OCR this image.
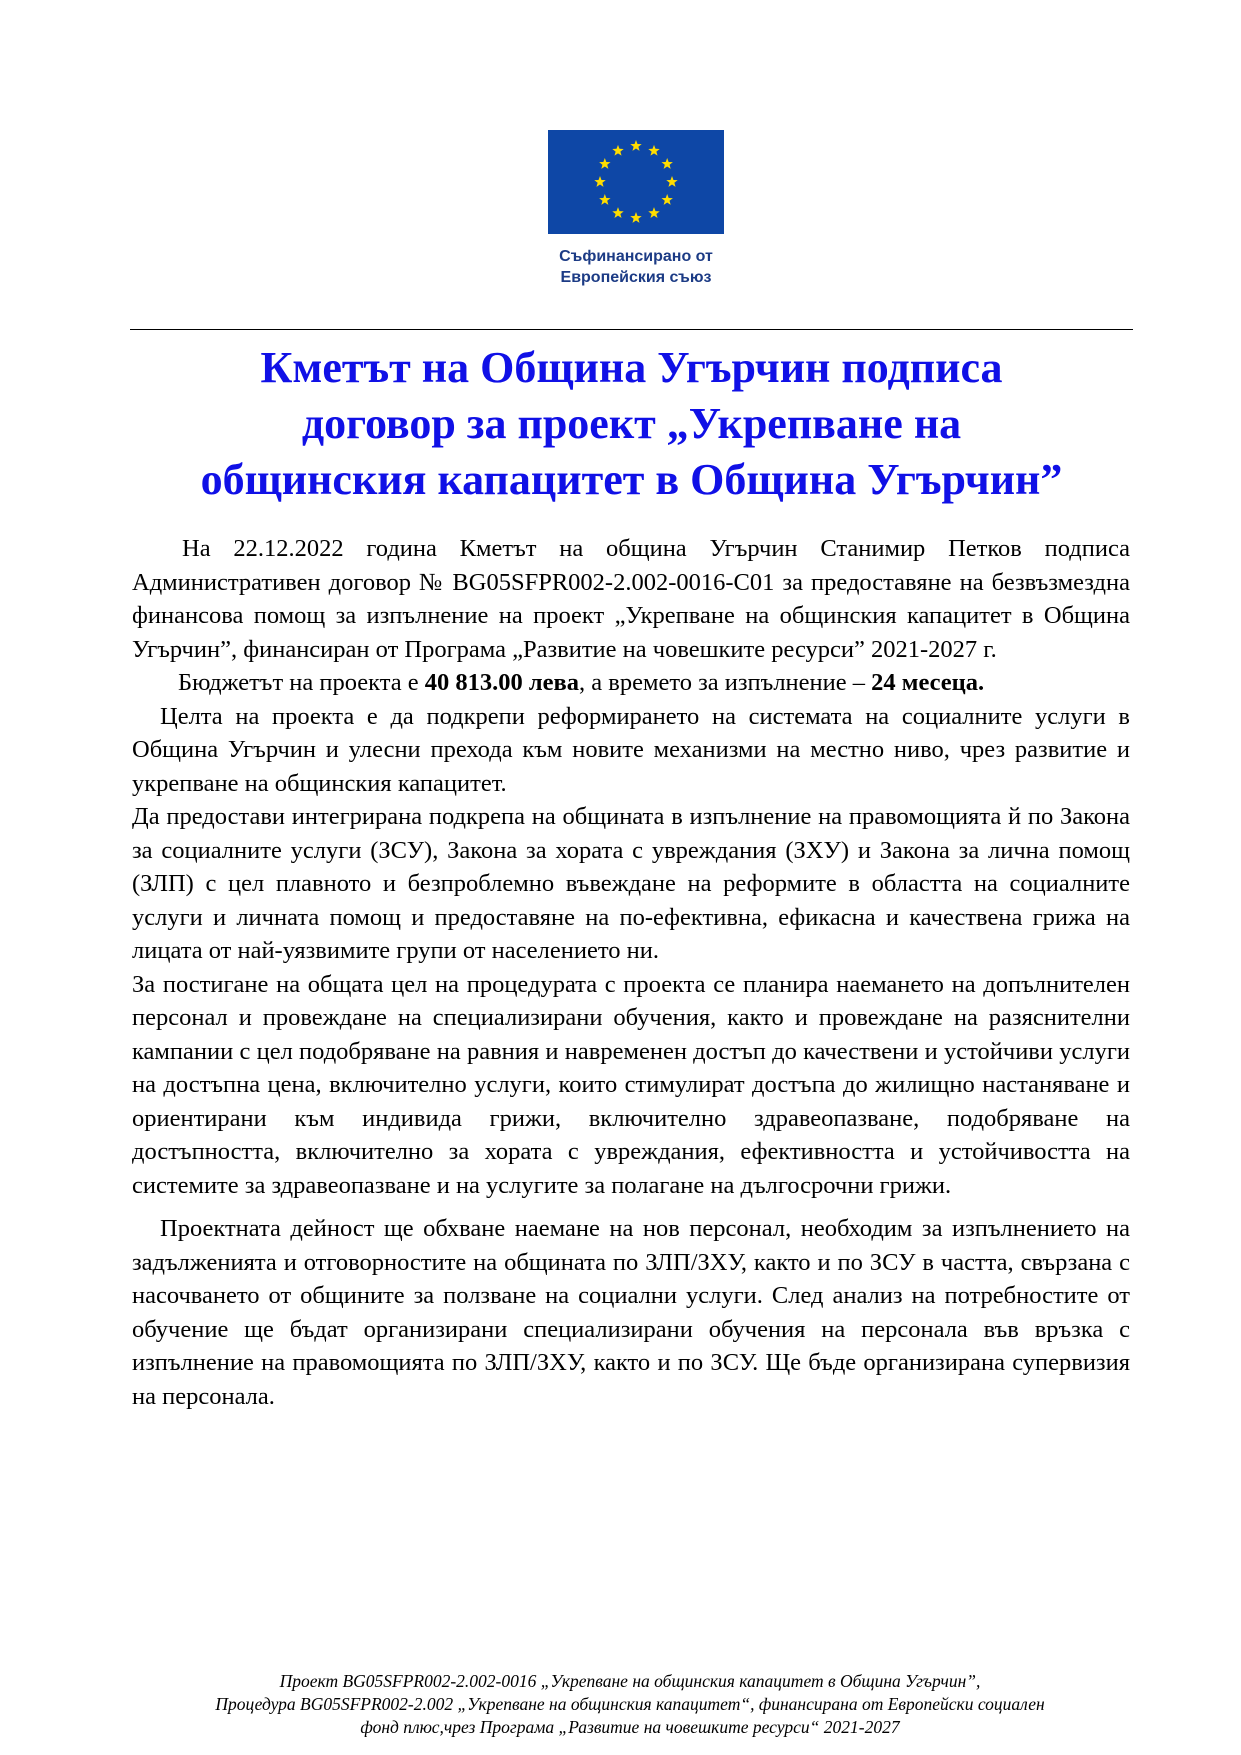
Съфинансирано от
Европейския съюз
Кметът на Община Угърчин подписа
договор за проект „Укрепване на
общинския капацитет в Община Угърчин”

На 22.12.2022 година Кметът на община Угърчин Станимир Петков подписа Административен договор № BG05SFPR002-2.002-0016-C01 за предоставяне на безвъзмездна финансова помощ за изпълнение на проект „Укрепване на общинския капацитет в Община Угърчин”, финансиран от Програма „Развитие на човешките ресурси” 2021-2027 г.

Бюджетът на проекта е 40 813.00 лева, а времето за изпълнение – 24 месеца.

Целта на проекта е да подкрепи реформирането на системата на социалните услуги в Община Угърчин и улесни прехода към новите механизми на местно ниво, чрез развитие и укрепване на общинския капацитет.

Да предостави интегрирана подкрепа на общината в изпълнение на правомощията й по Закона за социалните услуги (ЗСУ), Закона за хората с увреждания (ЗХУ) и Закона за лична помощ (ЗЛП) с цел плавното и безпроблемно въвеждане на реформите в областта на социалните услуги и личната помощ и предоставяне на по-ефективна, ефикасна и качествена грижа на лицата от най-уязвимите групи от населението ни.

За постигане на общата цел на процедурата с проекта се планира наемането на допълнителен персонал и провеждане на специализирани обучения, както и провеждане на разяснителни кампании с цел подобряване на равния и навременен достъп до качествени и устойчиви услуги на достъпна цена, включително услуги, които стимулират достъпа до жилищно настаняване и ориентирани към индивида грижи, включително здравеопазване, подобряване на достъпността, включително за хората с увреждания, ефективността и устойчивостта на системите за здравеопазване и на услугите за полагане на дългосрочни грижи.

Проектната дейност ще обхване наемане на нов персонал, необходим за изпълнението на задълженията и отговорностите на общината по ЗЛП/ЗХУ, както и по ЗСУ в частта, свързана с насочването от общините за ползване на социални услуги. След анализ на потребностите от обучение ще бъдат организирани специализирани обучения на персонала във връзка с изпълнение на правомощията по ЗЛП/ЗХУ, както и по ЗСУ. Ще бъде организирана супервизия на персонала.

Проект BG05SFPR002-2.002-0016 „Укрепване на общинския капацитет в Община Угърчин”,
Процедура BG05SFPR002-2.002 „Укрепване на общинския капацитет“, финансирана от Европейски социален
фонд плюс,чрез Програма „Развитие на човешките ресурси“ 2021-2027
